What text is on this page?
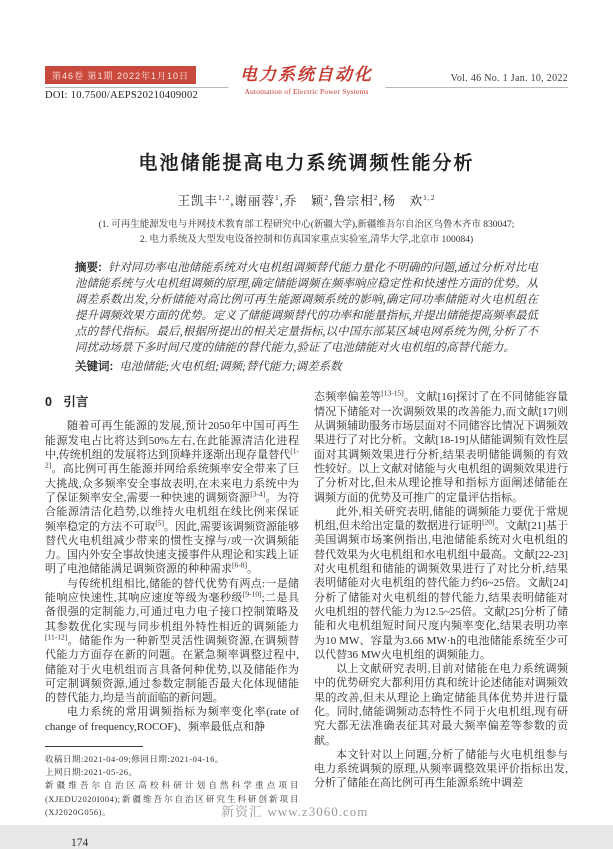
第46卷 第1期 2022年1月10日
DOI: 10.7500/AEPS20210409002
电力系统自动化
Automation of Electric Power Systems
Vol. 46 No. 1 Jan. 10, 2022
电池储能提高电力系统调频性能分析
王凯丰$^{1,2}$,谢丽蓉$^1$,乔　颖$^2$,鲁宗相$^2$,杨　欢$^{1,2}$
(1. 可再生能源发电与并网技术教育部工程研究中心(新疆大学),新疆维吾尔自治区乌鲁木齐市 830047;
2. 电力系统及大型发电设备控制和仿真国家重点实验室,清华大学,北京市 100084)

摘要: 针对同功率电池储能系统对火电机组调频替代能力量化不明确的问题,通过分析对比电池储能系统与火电机组调频的原理,确定储能调频在频率响应稳定性和快速性方面的优势。从调差系数出发,分析储能对高比例可再生能源调频系统的影响,确定同功率储能对火电机组在提升调频效果方面的优势。定义了储能调频替代的功率和能量指标,并提出储能提高频率最低点的替代指标。最后,根据所提出的相关定量指标,以中国东部某区域电网系统为例,分析了不同扰动场景下多时间尺度的储能的替代能力,验证了电池储能对火电机组的高替代能力。

关键词: 电池储能;火电机组;调频;替代能力;调差系数

0 引言

随着可再生能源的发展,预计2050年中国可再生能源发电占比将达到50%左右,在此能源清洁化进程中,传统机组的发展将达到顶峰并逐渐出现存量替代[1-2]。高比例可再生能源并网给系统频率安全带来了巨大挑战,众多频率安全事故表明,在未来电力系统中为了保证频率安全,需要一种快速的调频资源[3-4]。为符合能源清洁化趋势,以维持火电机组在线比例来保证频率稳定的方法不可取[5]。因此,需要该调频资源能够替代火电机组减少带来的惯性支撑与/或一次调频能力。国内外安全事故快速支援事件从理论和实践上证明了电池储能满足调频资源的种种需求[6-8]。

与传统机组相比,储能的替代优势有两点:一是储能响应快速性,其响应速度等级为毫秒级[9-10];二是具备很强的定制能力,可通过电力电子接口控制策略及其参数优化实现与同步机组外特性相近的调频能力[11-12]。储能作为一种新型灵活性调频资源,在调频替代能力方面存在新的问题。在紧急频率调整过程中,储能对于火电机组而言具备何种优势,以及储能作为可定制调频资源,通过参数定制能否最大化体现储能的替代能力,均是当前面临的新问题。

电力系统的常用调频指标为频率变化率(rate of change of frequency,ROCOF)、频率最低点和静

收稿日期:2021-04-09;修回日期:2021-04-16。

上网日期:2021-05-26。

新疆维吾尔自治区高校科研计划自然科学重点项目(XJEDU2020I004);新疆维吾尔自治区研究生科研创新项目(XJ2020G056)。

174

态频率偏差等[13-15]。文献[16]探讨了在不同储能容量情况下储能对一次调频效果的改善能力,而文献[17]则从调频辅助服务市场层面对不同储容比情况下调频效果进行了对比分析。文献[18-19]从储能调频有效性层面对其调频效果进行分析,结果表明储能调频的有效性较好。以上文献对储能与火电机组的调频效果进行了分析对比,但未从理论推导和指标方面阐述储能在调频方面的优势及可推广的定量评估指标。

此外,相关研究表明,储能的调频能力要优于常规机组,但未给出定量的数据进行证明[20]。文献[21]基于美国调频市场案例指出,电池储能系统对火电机组的替代效果为火电机组和水电机组中最高。文献[22-23]对火电机组和储能的调频效果进行了对比分析,结果表明储能对火电机组的替代能力约6~25倍。文献[24]分析了储能对火电机组的替代能力,结果表明储能对火电机组的替代能力为12.5~25倍。文献[25]分析了储能和火电机组短时间尺度内频率变化,结果表明功率为10 MW、容量为3.66 MW·h的电池储能系统至少可以代替36 MW火电机组的调频能力。

以上文献研究表明,目前对储能在电力系统调频中的优势研究大都利用仿真和统计论述储能对调频效果的改善,但未从理论上确定储能具体优势并进行量化。同时,储能调频动态特性不同于火电机组,现有研究大都无法准确表征其对最大频率偏差等参数的贡献。

本文针对以上问题,分析了储能与火电机组参与电力系统调频的原理,从频率调整效果评价指标出发,分析了储能在高比例可再生能源系统中调差

新资汇 www.z3060.com
